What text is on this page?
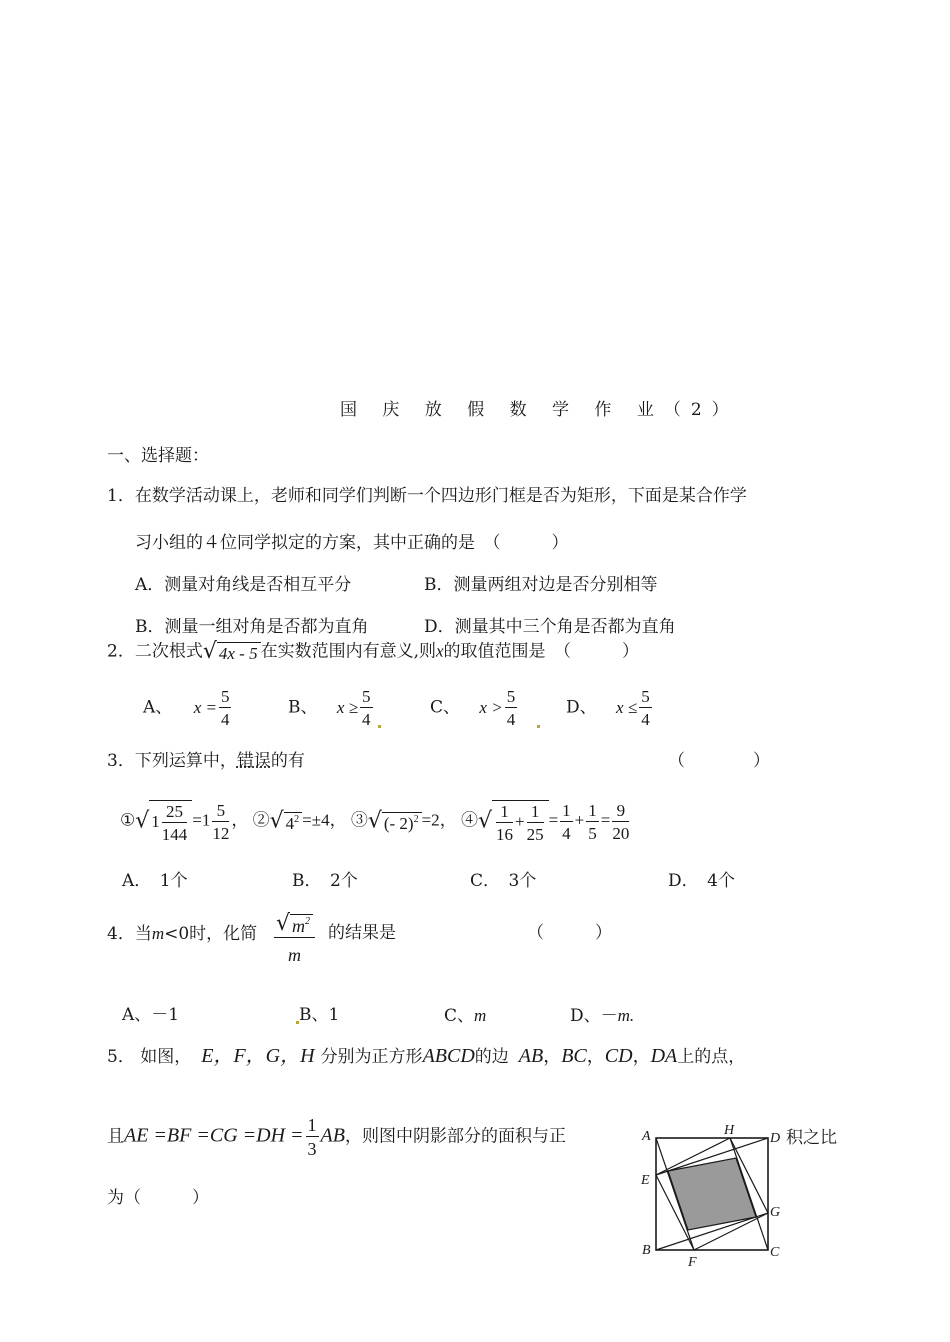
国 庆 放 假 数 学 作 业（2）
一、选择题：
1．在数学活动课上，老师和同学们判断一个四边形门框是否为矩形，下面是某合作学
习小组的４位同学拟定的方案，其中正确的是　（　　　）
A．测量对角线是否相互平分	B．测量两组对边是否分别相等
B．测量一组对角是否都为直角	D．测量其中三个角是否都为直角
2．二次根式√ 4x - 5 在实数范围内有意义,则x的取值范围是　（　　　）
A、 $x = \frac{5}{4}$	B、 $x \ge \frac{5}{4}$	C、 $x > \frac{5}{4}$	D、 $x \le \frac{5}{4}$
3．下列运算中，错误的有	（　　　　）
①√ $1 \frac{25}{144} =1 \frac{5}{12}$ ， ②√ $4^2 =\pm 4$， ③√ (- 2)$^2$ =2， ④√ $\frac{1}{16} + \frac{1}{25} = \frac{1}{4} + \frac{1}{5} = \frac{9}{20}$
A．　1个	B．　2个	C．　3个	D．　4个
4．当m<0时，化简 $\frac{√ m^2}{m}$ 的结果是	（　　　）
A、－1	B、1	C、m	D、－m.
5． 如图， E，F，G，H 分别为正方形ABCD的边 AB，BC，CD，DA上的点，
且AE $=BF =CG =DH = \frac{1}{3}$ AB，则图中阴影部分的面积与正	积之比
为（　　　）
A	H
D
E
G
B
F
C
